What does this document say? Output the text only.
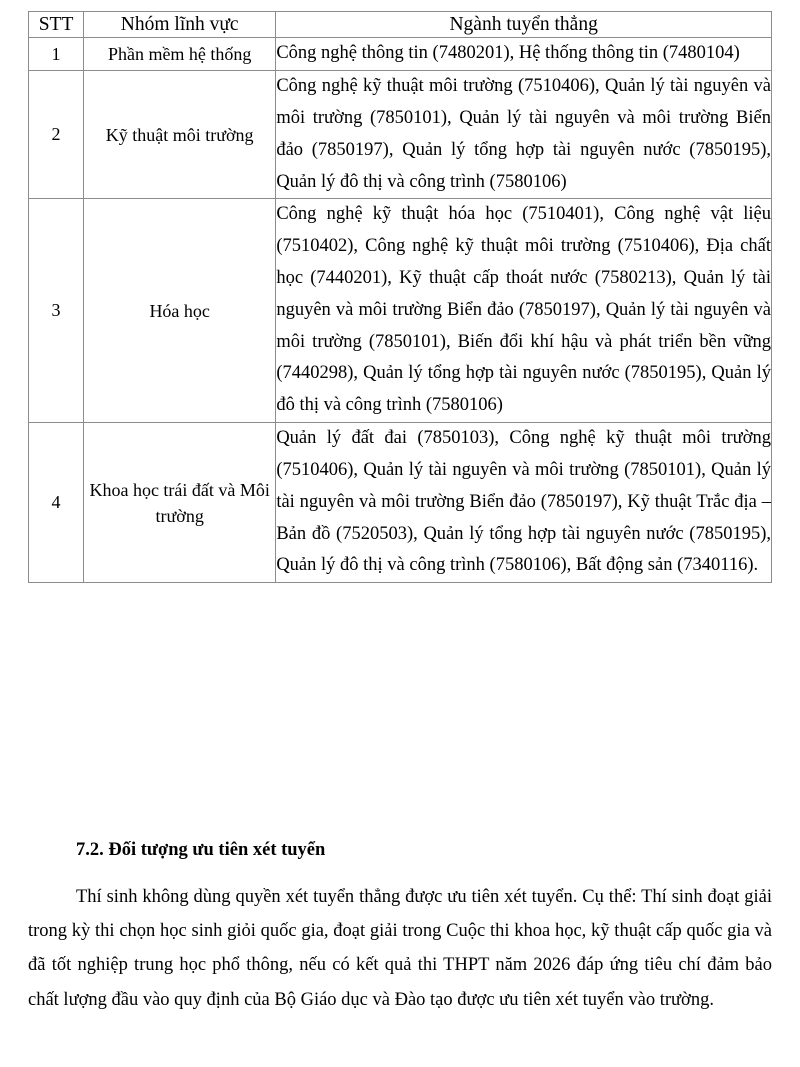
STT	Nhóm lĩnh vực	Ngành tuyển thẳng
1	Phần mềm hệ thống	Công nghệ thông tin (7480201), Hệ thống thông tin (7480104)
2	Kỹ thuật môi trường	Công nghệ kỹ thuật môi trường (7510406), Quản lý tài nguyên và môi trường (7850101), Quản lý tài nguyên và môi trường Biển đảo (7850197), Quản lý tổng hợp tài nguyên nước (7850195), Quản lý đô thị và công trình (7580106)
3	Hóa học	Công nghệ kỹ thuật hóa học (7510401), Công nghệ vật liệu (7510402), Công nghệ kỹ thuật môi trường (7510406), Địa chất học (7440201), Kỹ thuật cấp thoát nước (7580213), Quản lý tài nguyên và môi trường Biển đảo (7850197), Quản lý tài nguyên và môi trường (7850101), Biến đổi khí hậu và phát triển bền vững (7440298), Quản lý tổng hợp tài nguyên nước (7850195), Quản lý đô thị và công trình (7580106)
4	Khoa học trái đất và Môi trường	Quản lý đất đai (7850103), Công nghệ kỹ thuật môi trường (7510406), Quản lý tài nguyên và môi trường (7850101), Quản lý tài nguyên và môi trường Biển đảo (7850197), Kỹ thuật Trắc địa – Bản đồ (7520503), Quản lý tổng hợp tài nguyên nước (7850195), Quản lý đô thị và công trình (7580106), Bất động sản (7340116).
7.2. Đối tượng ưu tiên xét tuyển
Thí sinh không dùng quyền xét tuyển thẳng được ưu tiên xét tuyển. Cụ thể: Thí sinh đoạt giải trong kỳ thi chọn học sinh giỏi quốc gia, đoạt giải trong Cuộc thi khoa học, kỹ thuật cấp quốc gia và đã tốt nghiệp trung học phổ thông, nếu có kết quả thi THPT năm 2026 đáp ứng tiêu chí đảm bảo chất lượng đầu vào quy định của Bộ Giáo dục và Đào tạo được ưu tiên xét tuyển vào trường.
